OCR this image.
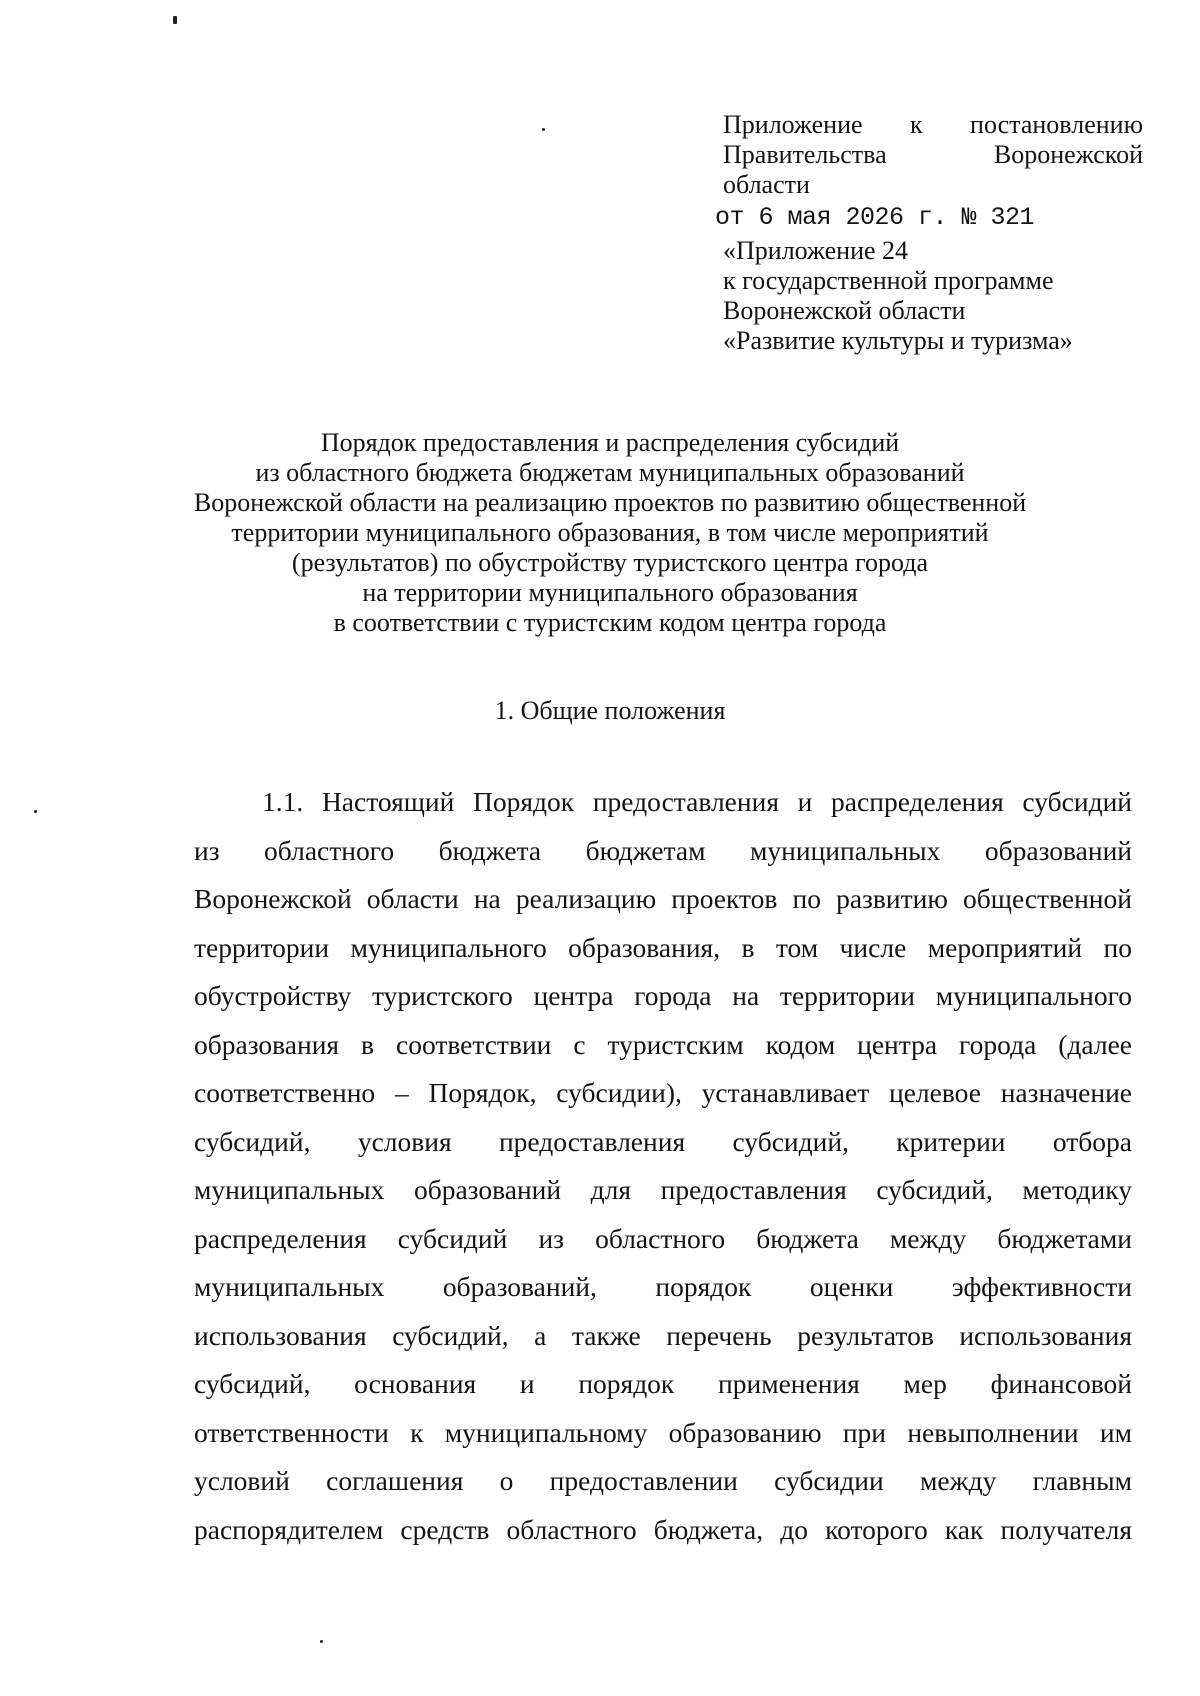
Приложение к постановлению
Правительства Воронежской
области
от 6 мая 2026 г. № 321
«Приложение 24
к государственной программе
Воронежской области
«Развитие культуры и туризма»
Порядок предоставления и распределения субсидий
из областного бюджета бюджетам муниципальных образований
Воронежской области на реализацию проектов по развитию общественной
территории муниципального образования, в том числе мероприятий
(результатов) по обустройству туристского центра города
на территории муниципального образования
в соответствии с туристским кодом центра города
1. Общие положения
1.1. Настоящий Порядок предоставления и распределения субсидий
из областного бюджета бюджетам муниципальных образований
Воронежской области на реализацию проектов по развитию общественной
территории муниципального образования, в том числе мероприятий по
обустройству туристского центра города на территории муниципального
образования в соответствии с туристским кодом центра города (далее
соответственно – Порядок, субсидии), устанавливает целевое назначение
субсидий, условия предоставления субсидий, критерии отбора
муниципальных образований для предоставления субсидий, методику
распределения субсидий из областного бюджета между бюджетами
муниципальных образований, порядок оценки эффективности
использования субсидий, а также перечень результатов использования
субсидий, основания и порядок применения мер финансовой
ответственности к муниципальному образованию при невыполнении им
условий соглашения о предоставлении субсидии между главным
распорядителем средств областного бюджета, до которого как получателя
